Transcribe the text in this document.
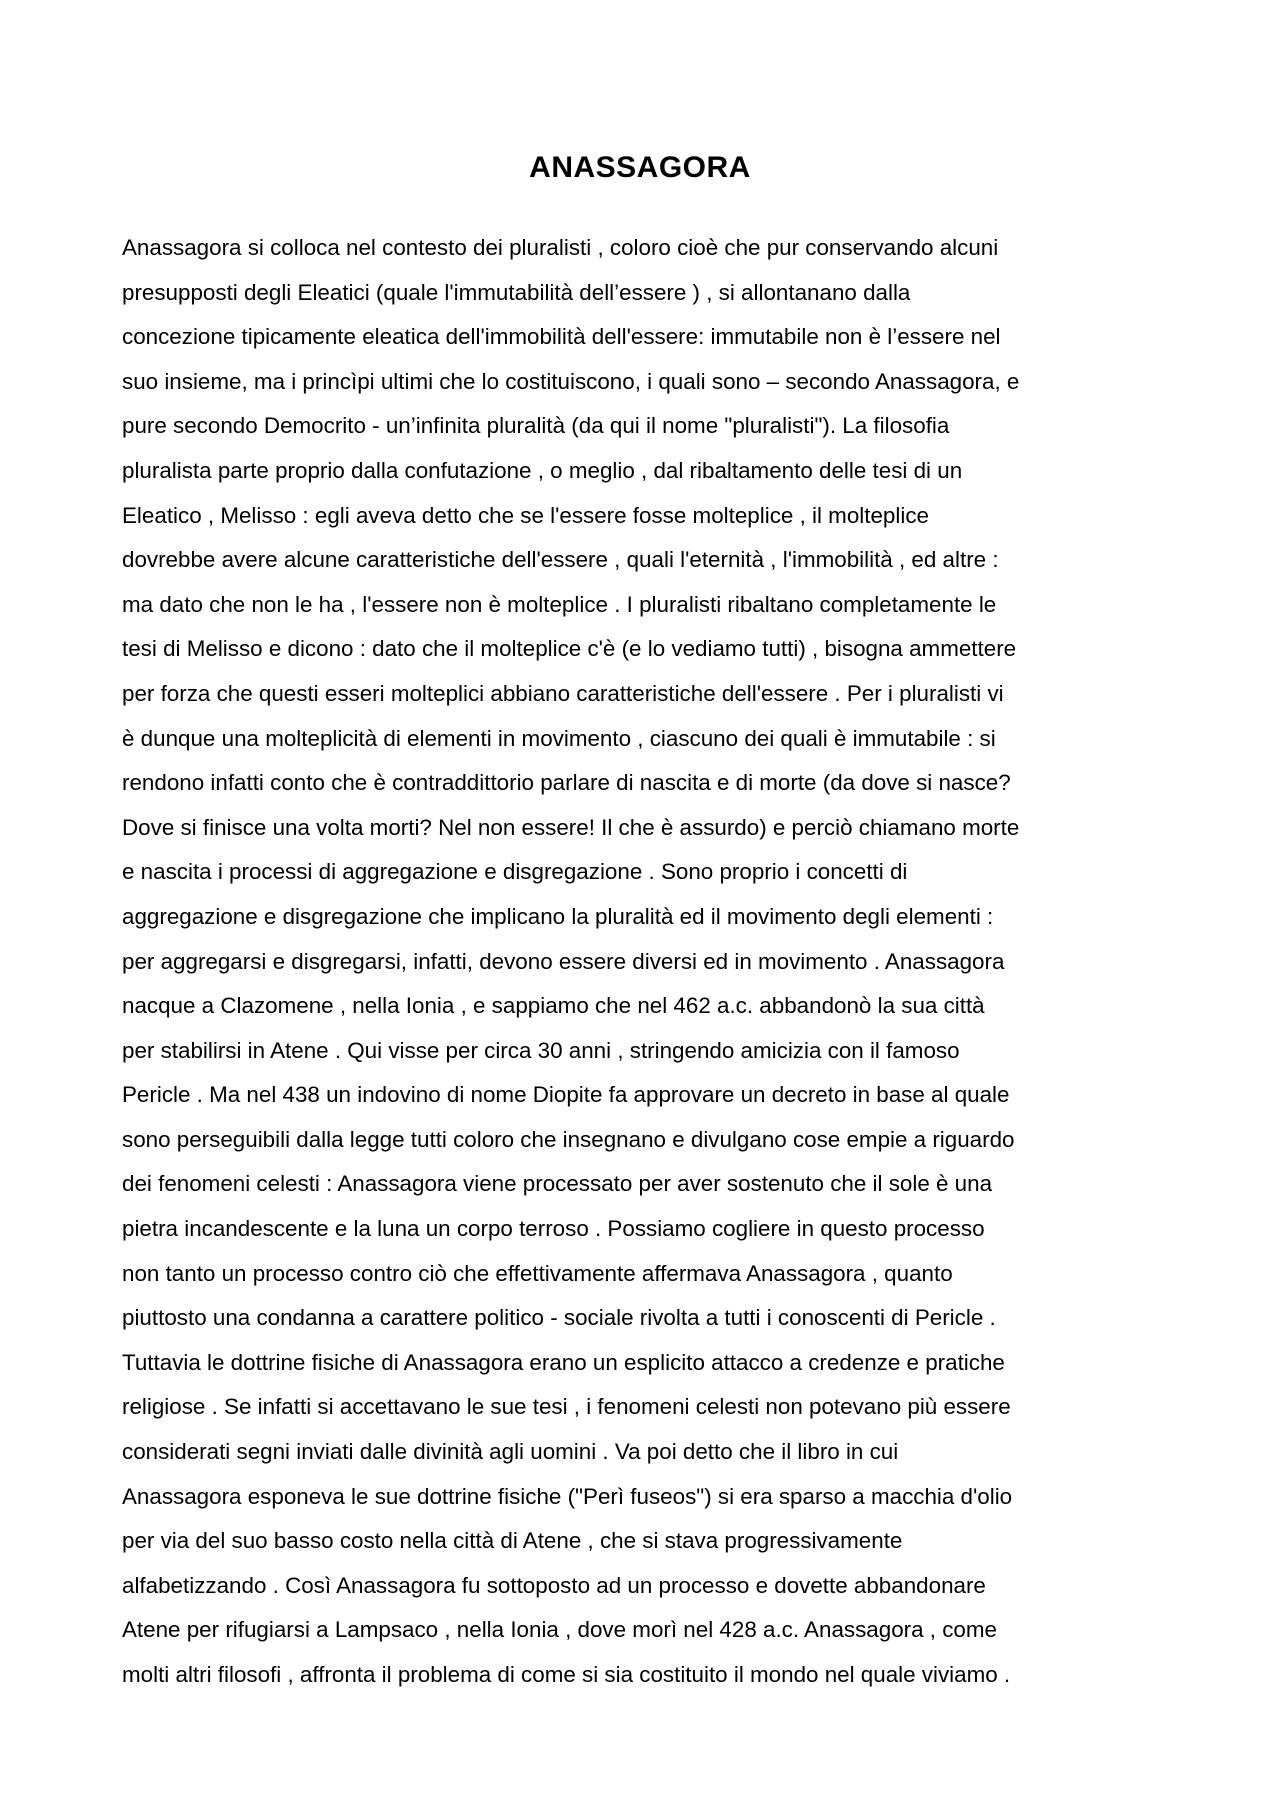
ANASSAGORA
Anassagora si colloca nel contesto dei pluralisti , coloro cioè che pur conservando alcuni
presupposti degli Eleatici (quale l'immutabilità dell’essere ) , si allontanano dalla
concezione tipicamente eleatica dell'immobilità dell'essere: immutabile non è l’essere nel
suo insieme, ma i princìpi ultimi che lo costituiscono, i quali sono – secondo Anassagora, e
pure secondo Democrito - un’infinita pluralità (da qui il nome "pluralisti"). La filosofia
pluralista parte proprio dalla confutazione , o meglio , dal ribaltamento delle tesi di un
Eleatico , Melisso : egli aveva detto che se l'essere fosse molteplice , il molteplice
dovrebbe avere alcune caratteristiche dell'essere , quali l'eternità , l'immobilità , ed altre :
ma dato che non le ha , l'essere non è molteplice . I pluralisti ribaltano completamente le
tesi di Melisso e dicono : dato che il molteplice c'è (e lo vediamo tutti) , bisogna ammettere
per forza che questi esseri molteplici abbiano caratteristiche dell'essere . Per i pluralisti vi
è dunque una molteplicità di elementi in movimento , ciascuno dei quali è immutabile : si
rendono infatti conto che è contraddittorio parlare di nascita e di morte (da dove si nasce?
Dove si finisce una volta morti? Nel non essere! Il che è assurdo) e perciò chiamano morte
e nascita i processi di aggregazione e disgregazione . Sono proprio i concetti di
aggregazione e disgregazione che implicano la pluralità ed il movimento degli elementi :
per aggregarsi e disgregarsi, infatti, devono essere diversi ed in movimento . Anassagora
nacque a Clazomene , nella Ionia , e sappiamo che nel 462 a.c. abbandonò la sua città
per stabilirsi in Atene . Qui visse per circa 30 anni , stringendo amicizia con il famoso
Pericle . Ma nel 438 un indovino di nome Diopite fa approvare un decreto in base al quale
sono perseguibili dalla legge tutti coloro che insegnano e divulgano cose empie a riguardo
dei fenomeni celesti : Anassagora viene processato per aver sostenuto che il sole è una
pietra incandescente e la luna un corpo terroso . Possiamo cogliere in questo processo
non tanto un processo contro ciò che effettivamente affermava Anassagora , quanto
piuttosto una condanna a carattere politico - sociale rivolta a tutti i conoscenti di Pericle .
Tuttavia le dottrine fisiche di Anassagora erano un esplicito attacco a credenze e pratiche
religiose . Se infatti si accettavano le sue tesi , i fenomeni celesti non potevano più essere
considerati segni inviati dalle divinità agli uomini . Va poi detto che il libro in cui
Anassagora esponeva le sue dottrine fisiche ("Perì fuseos") si era sparso a macchia d'olio
per via del suo basso costo nella città di Atene , che si stava progressivamente
alfabetizzando . Così Anassagora fu sottoposto ad un processo e dovette abbandonare
Atene per rifugiarsi a Lampsaco , nella Ionia , dove morì nel 428 a.c. Anassagora , come
molti altri filosofi , affronta il problema di come si sia costituito il mondo nel quale viviamo .
